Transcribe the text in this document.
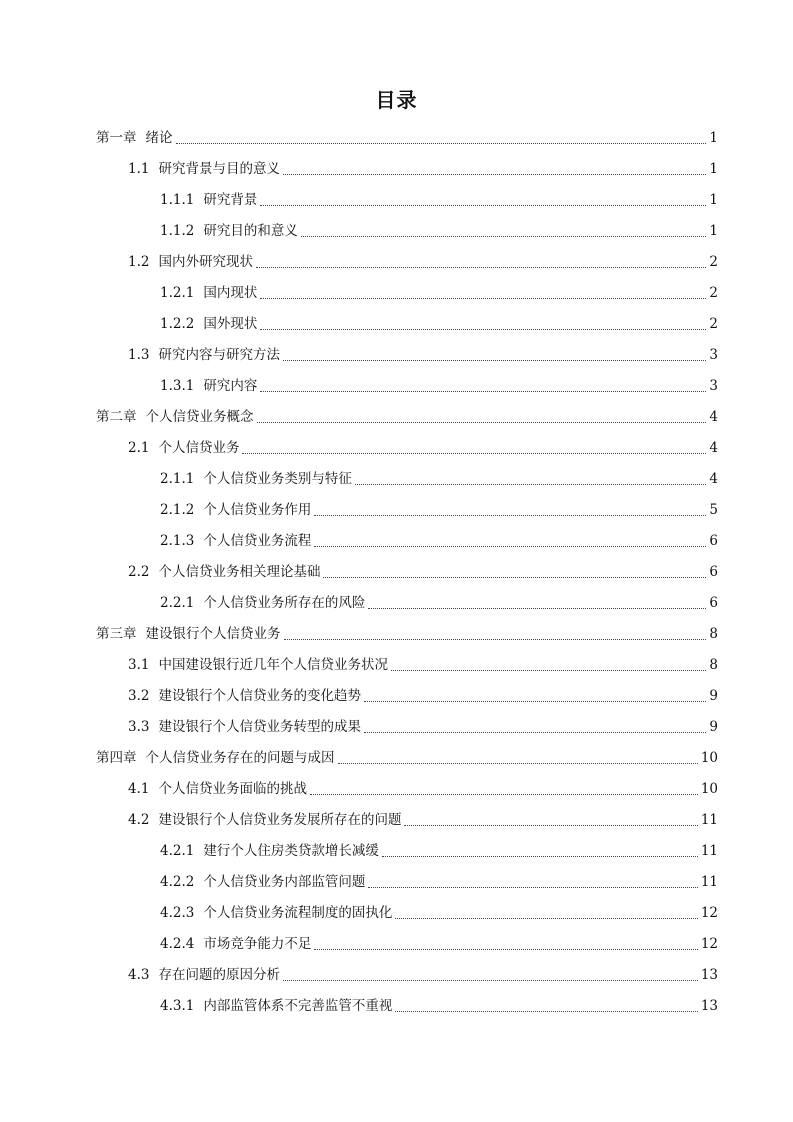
目录
第一章 绪论	1
1.1 研究背景与目的意义	1
1.1.1 研究背景	1
1.1.2 研究目的和意义	1
1.2 国内外研究现状	2
1.2.1 国内现状	2
1.2.2 国外现状	2
1.3 研究内容与研究方法	3
1.3.1 研究内容	3
第二章 个人信贷业务概念	4
2.1 个人信贷业务	4
2.1.1 个人信贷业务类别与特征	4
2.1.2 个人信贷业务作用	5
2.1.3 个人信贷业务流程	6
2.2 个人信贷业务相关理论基础	6
2.2.1 个人信贷业务所存在的风险	6
第三章 建设银行个人信贷业务	8
3.1 中国建设银行近几年个人信贷业务状况	8
3.2 建设银行个人信贷业务的变化趋势	9
3.3 建设银行个人信贷业务转型的成果	9
第四章 个人信贷业务存在的问题与成因	10
4.1 个人信贷业务面临的挑战	10
4.2 建设银行个人信贷业务发展所存在的问题	11
4.2.1 建行个人住房类贷款增长减缓	11
4.2.2 个人信贷业务内部监管问题	11
4.2.3 个人信贷业务流程制度的固执化	12
4.2.4 市场竞争能力不足	12
4.3 存在问题的原因分析	13
4.3.1 内部监管体系不完善监管不重视	13
